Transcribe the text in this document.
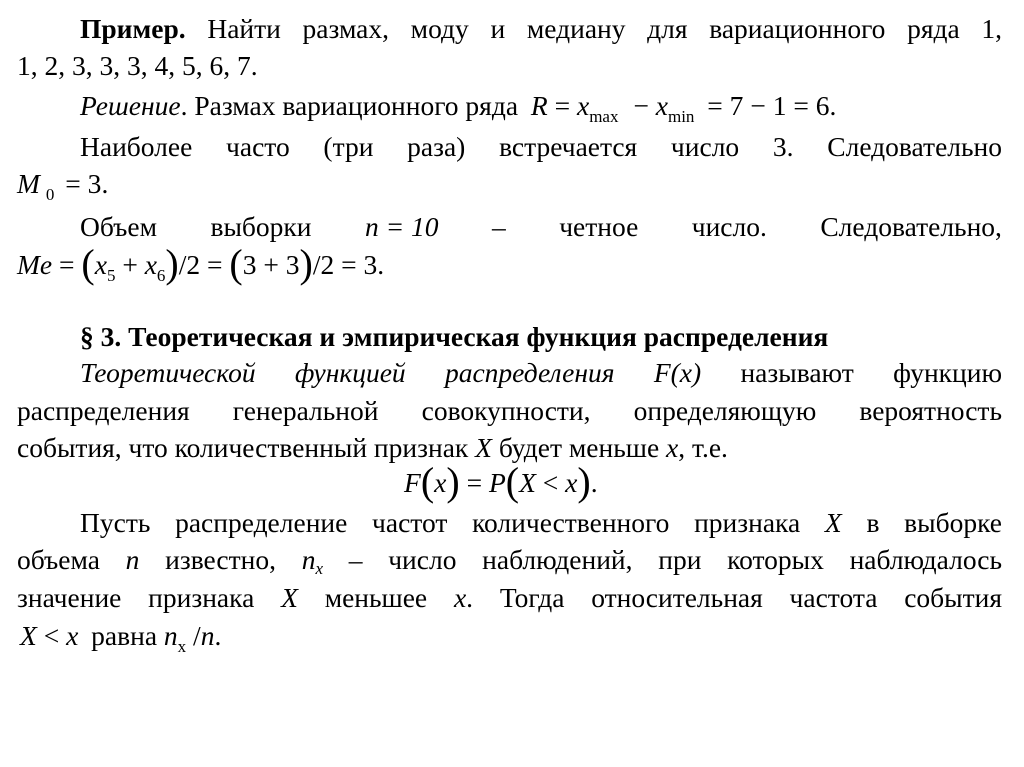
Пример. Найти размах, моду и медиану для вариационного ряда 1,
1, 2, 3, 3, 3, 4, 5, 6, 7.
Решение. Размах вариационного ряда $R = x_{max} - x_{min} = 7 - 1 = 6$.
Наиболее часто (три раза) встречается число 3. Следовательно
M $_0$ = 3.
Объем выборки n = 10 – четное число. Следовательно,
$Me = (x_5 + x_6)/2 = (3 + 3)/2 = 3$.
§ 3. Теоретическая и эмпирическая функция распределения
Теоретической функцией распределения F(x) называют функцию
распределения генеральной совокупности, определяющую вероятность
события, что количественный признак X будет меньше x, т.е.
F(x) = P(X < x).
Пусть распределение частот количественного признака X в выборке
объема n известно, nx – число наблюдений, при которых наблюдалось
значение признака X меньшее x. Тогда относительная частота события
X < x равна $n_x$ /n.
